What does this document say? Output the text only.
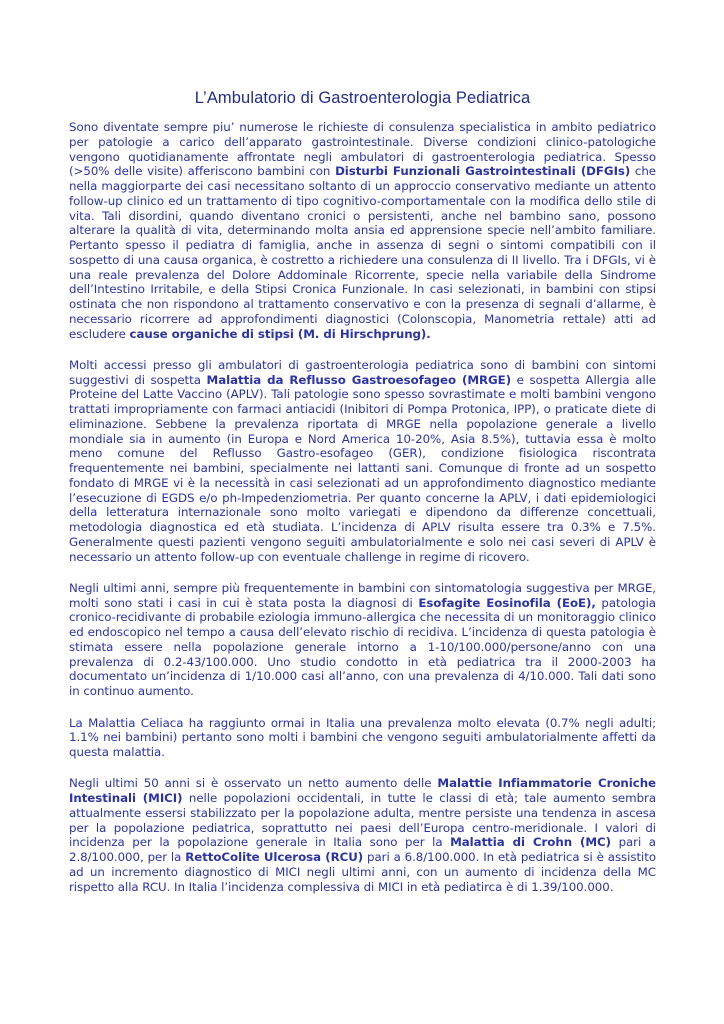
L’Ambulatorio di Gastroenterologia Pediatrica

Sono diventate sempre piu’ numerose le richieste di consulenza specialistica in ambito pediatrico per patologie a carico dell’apparato gastrointestinale. Diverse condizioni clinico-patologiche vengono quotidianamente affrontate negli ambulatori di gastroenterologia pediatrica. Spesso (>50% delle visite) afferiscono bambini con Disturbi Funzionali Gastrointestinali (DFGIs) che nella maggiorparte dei casi necessitano soltanto di un approccio conservativo mediante un attento follow-up clinico ed un trattamento di tipo cognitivo-comportamentale con la modifica dello stile di vita. Tali disordini, quando diventano cronici o persistenti, anche nel bambino sano, possono alterare la qualità di vita, determinando molta ansia ed apprensione specie nell’ambito familiare. Pertanto spesso il pediatra di famiglia, anche in assenza di segni o sintomi compatibili con il sospetto di una causa organica, è costretto a richiedere una consulenza di II livello. Tra i DFGIs, vi è una reale prevalenza del Dolore Addominale Ricorrente, specie nella variabile della Sindrome dell’Intestino Irritabile, e della Stipsi Cronica Funzionale. In casi selezionati, in bambini con stipsi ostinata che non rispondono al trattamento conservativo e con la presenza di segnali d’allarme, è necessario ricorrere ad approfondimenti diagnostici (Colonscopia, Manometria rettale) atti ad escludere cause organiche di stipsi (M. di Hirschprung).

Molti accessi presso gli ambulatori di gastroenterologia pediatrica sono di bambini con sintomi suggestivi di sospetta Malattia da Reflusso Gastroesofageo (MRGE) e sospetta Allergia alle Proteine del Latte Vaccino (APLV). Tali patologie sono spesso sovrastimate e molti bambini vengono trattati impropriamente con farmaci antiacidi (Inibitori di Pompa Protonica, IPP), o praticate diete di eliminazione. Sebbene la prevalenza riportata di MRGE nella popolazione generale a livello mondiale sia in aumento (in Europa e Nord America 10-20%, Asia 8.5%), tuttavia essa è molto meno comune del Reflusso Gastro-esofageo (GER), condizione fisiologica riscontrata frequentemente nei bambini, specialmente nei lattanti sani. Comunque di fronte ad un sospetto fondato di MRGE vi è la necessità in casi selezionati ad un approfondimento diagnostico mediante l’esecuzione di EGDS e/o ph-Impedenziometria. Per quanto concerne la APLV, i dati epidemiologici della letteratura internazionale sono molto variegati e dipendono da differenze concettuali, metodologia diagnostica ed età studiata. L’incidenza di APLV risulta essere tra 0.3% e 7.5%. Generalmente questi pazienti vengono seguiti ambulatorialmente e solo nei casi severi di APLV è necessario un attento follow-up con eventuale challenge in regime di ricovero.

Negli ultimi anni, sempre più frequentemente in bambini con sintomatologia suggestiva per MRGE, molti sono stati i casi in cui è stata posta la diagnosi di Esofagite Eosinofila (EoE), patologia cronico-recidivante di probabile eziologia immuno-allergica che necessita di un monitoraggio clinico ed endoscopico nel tempo a causa dell’elevato rischio di recidiva. L’incidenza di questa patologia è stimata essere nella popolazione generale intorno a 1-10/100.000/persone/anno con una prevalenza di 0.2-43/100.000. Uno studio condotto in età pediatrica tra il 2000-2003 ha documentato un’incidenza di 1/10.000 casi all’anno, con una prevalenza di 4/10.000. Tali dati sono in continuo aumento.

La Malattia Celiaca ha raggiunto ormai in Italia una prevalenza molto elevata (0.7% negli adulti; 1.1% nei bambini) pertanto sono molti i bambini che vengono seguiti ambulatorialmente affetti da questa malattia.

Negli ultimi 50 anni si è osservato un netto aumento delle Malattie Infiammatorie Croniche Intestinali (MICI) nelle popolazioni occidentali, in tutte le classi di età; tale aumento sembra attualmente essersi stabilizzato per la popolazione adulta, mentre persiste una tendenza in ascesa per la popolazione pediatrica, soprattutto nei paesi dell’Europa centro-meridionale. I valori di incidenza per la popolazione generale in Italia sono per la Malattia di Crohn (MC) pari a 2.8/100.000, per la RettoColite Ulcerosa (RCU) pari a 6.8/100.000. In età pediatrica si è assistito ad un incremento diagnostico di MICI negli ultimi anni, con un aumento di incidenza della MC rispetto alla RCU. In Italia l’incidenza complessiva di MICI in età pediatirca è di 1.39/100.000.
